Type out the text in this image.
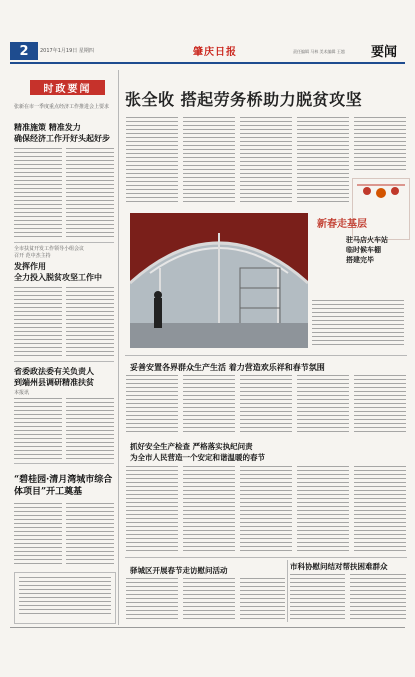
2	2017年1月19日 星期四	肇庆日报	责任编辑 马林 美术编辑 王越 要闻
时政要闻
张新在市一季度重点经济工作推进会上要求
精准施策 精准发力
确保经济工作开好头起好步
全市扶贫开发工作领导小组会议
召开 范中杰主持
发挥作用
全力投入脱贫攻坚工作中
省委政法委有关负责人
到端州县调研精准扶贫
本报讯
“碧桂园·清月湾城市综合
体项目”开工奠基
张全收 搭起劳务桥助力脱贫攻坚
新春走基层
驻马店火车站
临时候车棚
搭建完毕
妥善安置各界群众生产生活 着力营造欢乐祥和春节氛围
抓好安全生产检查 严格落实执纪问责
为全市人民营造一个安定和谐温暖的春节
驿城区开展春节走访慰问活动	市科协慰问结对帮扶困难群众
